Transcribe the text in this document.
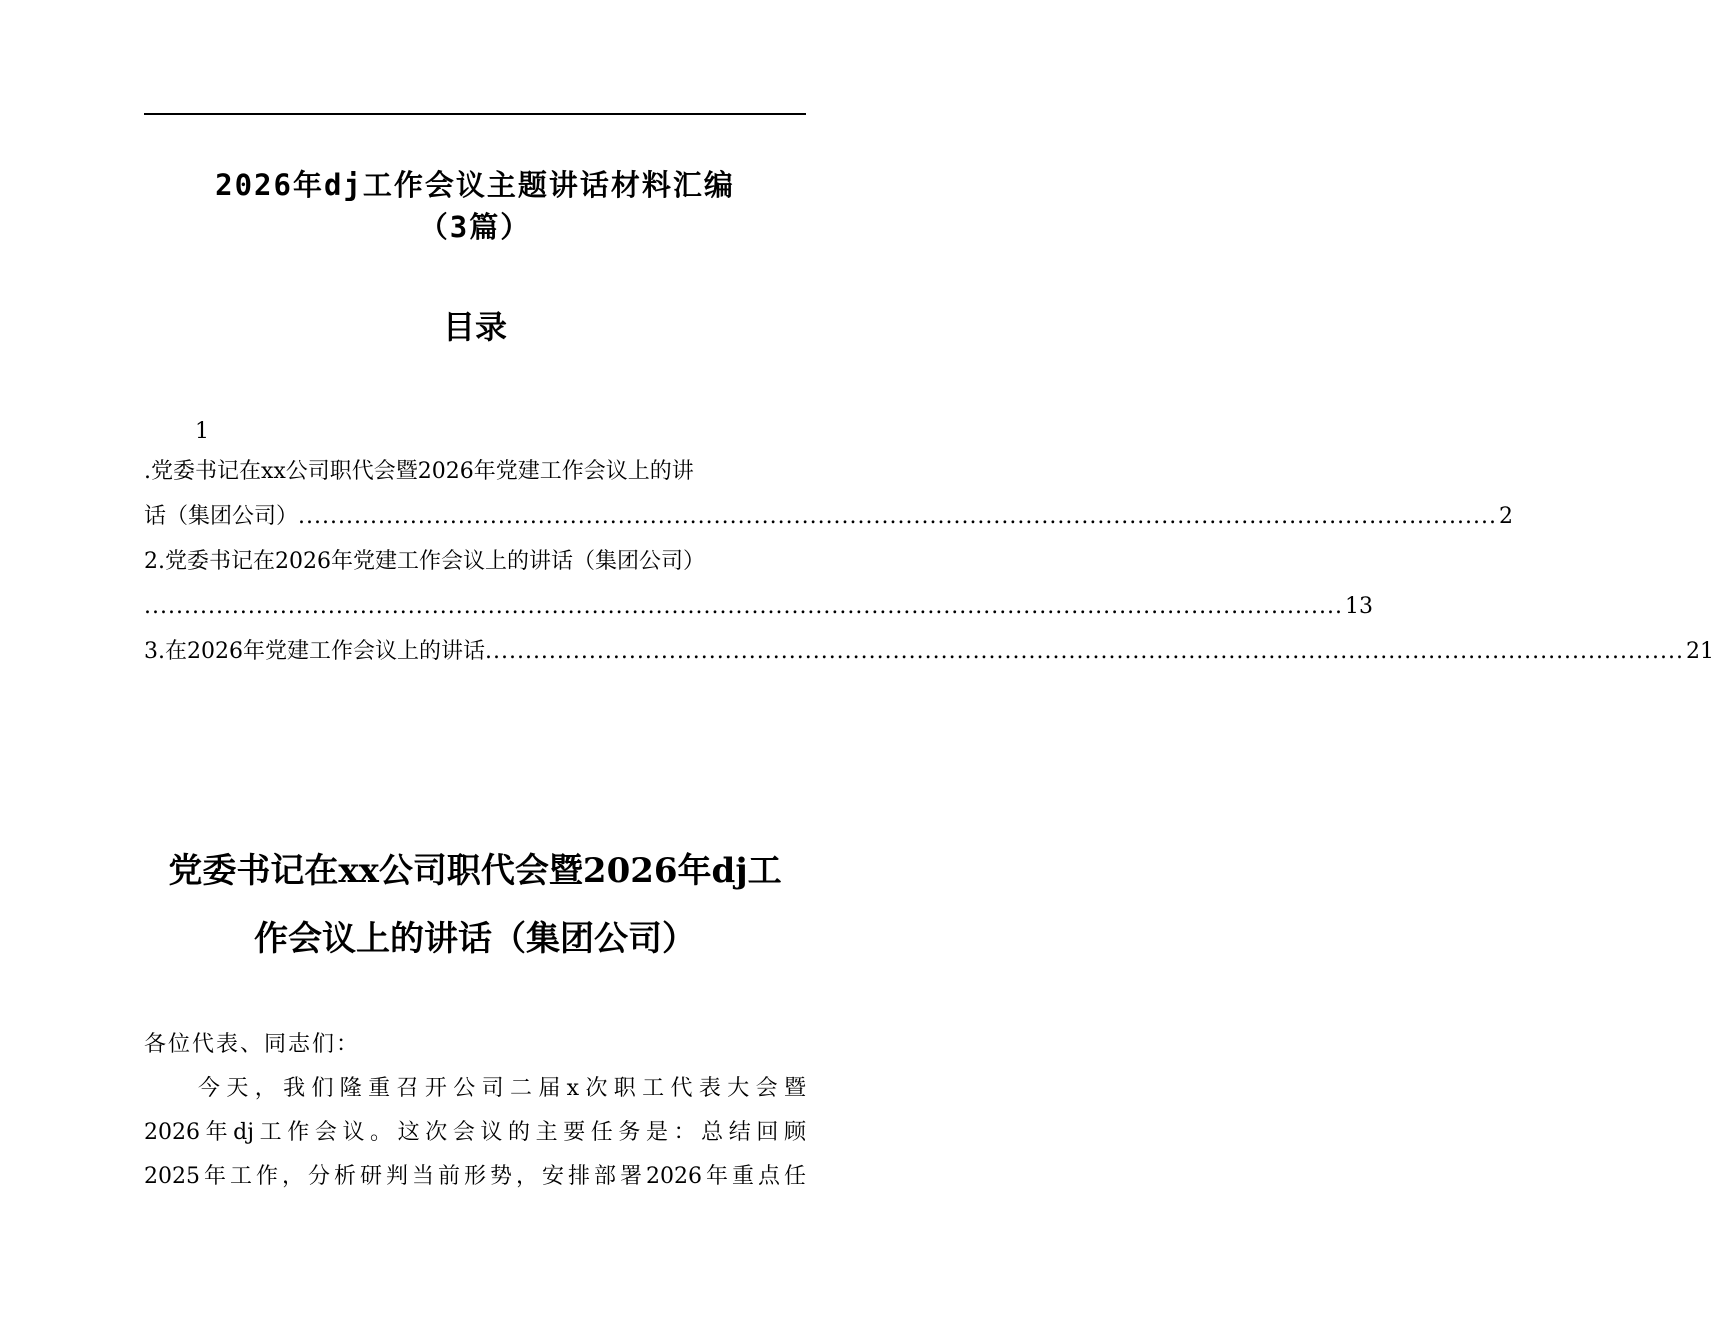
2026年dj工作会议主题讲话材料汇编
（3篇）
目录
1
.党委书记在xx公司职代会暨2026年党建工作会议上的讲
话（集团公司） ...................................................................................................................................................... 2
2.党委书记在2026年党建工作会议上的讲话（集团公司）
...................................................................................................................................................... 13
3.在2026年党建工作会议上的讲话 ...................................................................................................................................................... 21
党委书记在xx公司职代会暨2026年dj工
作会议上的讲话（集团公司）
各位代表、同志们：
今 天 ， 我 们 隆 重 召 开 公 司 二 届 x 次 职 工 代 表 大 会 暨
2026 年 dj 工 作 会 议 。 这 次 会 议 的 主 要 任 务 是 ： 总 结 回 顾
2025 年 工 作 ， 分 析 研 判 当 前 形 势 ， 安 排 部 署 2026 年 重 点 任
